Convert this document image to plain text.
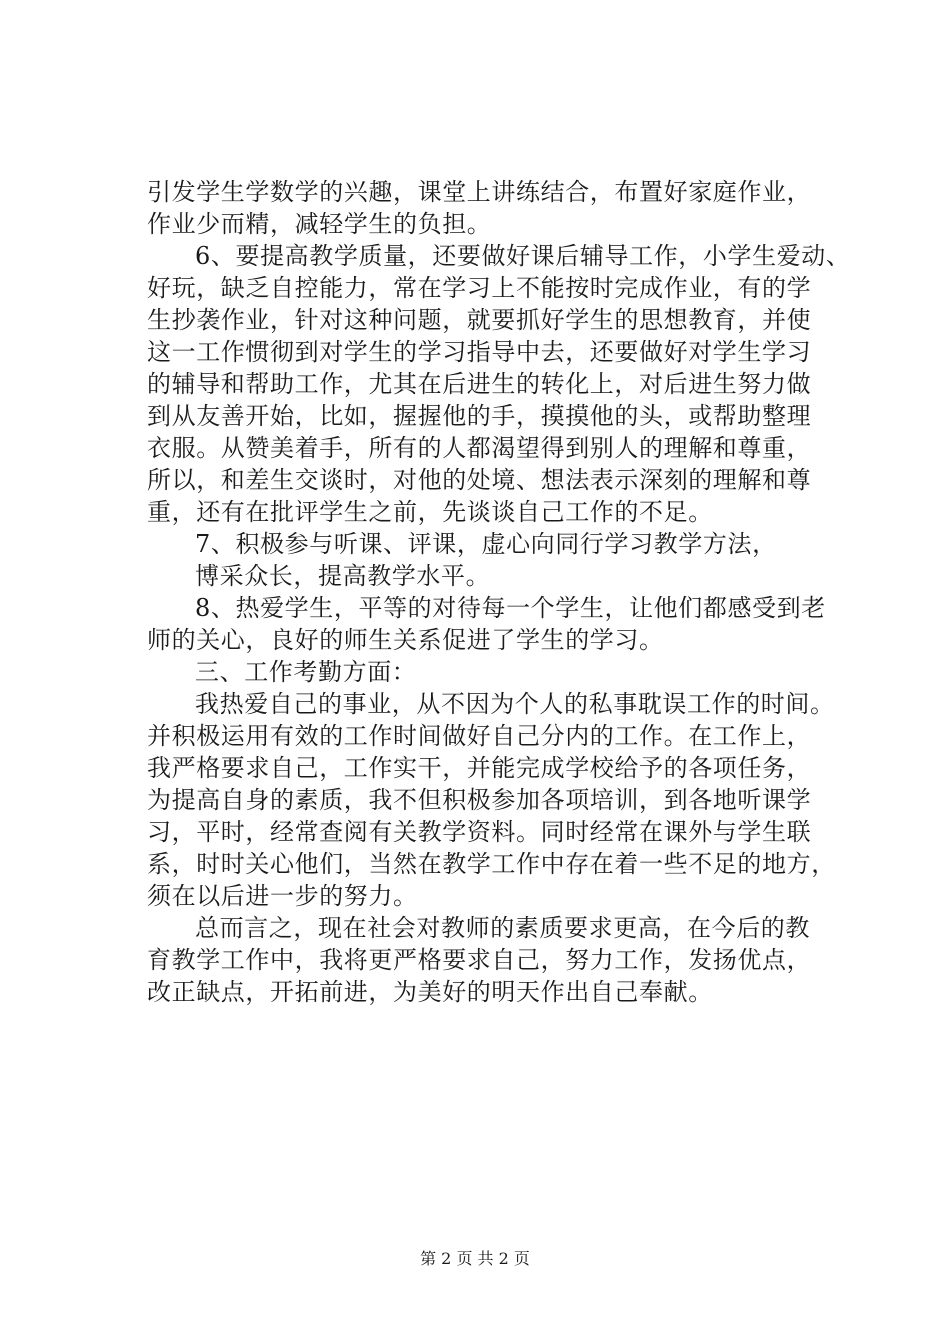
引发学生学数学的兴趣，课堂上讲练结合，布置好家庭作业，
作业少而精，减轻学生的负担。
6、要提高教学质量，还要做好课后辅导工作，小学生爱动、
好玩，缺乏自控能力，常在学习上不能按时完成作业，有的学
生抄袭作业，针对这种问题，就要抓好学生的思想教育，并使
这一工作惯彻到对学生的学习指导中去，还要做好对学生学习
的辅导和帮助工作，尤其在后进生的转化上，对后进生努力做
到从友善开始，比如，握握他的手，摸摸他的头，或帮助整理
衣服。从赞美着手，所有的人都渴望得到别人的理解和尊重，
所以，和差生交谈时，对他的处境、想法表示深刻的理解和尊
重，还有在批评学生之前，先谈谈自己工作的不足。
7、积极参与听课、评课，虚心向同行学习教学方法，
博采众长，提高教学水平。
8、热爱学生，平等的对待每一个学生，让他们都感受到老
师的关心，良好的师生关系促进了学生的学习。
三、工作考勤方面：
我热爱自己的事业，从不因为个人的私事耽误工作的时间。
并积极运用有效的工作时间做好自己分内的工作。在工作上，
我严格要求自己，工作实干，并能完成学校给予的各项任务，
为提高自身的素质，我不但积极参加各项培训，到各地听课学
习，平时，经常查阅有关教学资料。同时经常在课外与学生联
系，时时关心他们，当然在教学工作中存在着一些不足的地方，
须在以后进一步的努力。
总而言之，现在社会对教师的素质要求更高，在今后的教
育教学工作中，我将更严格要求自己，努力工作，发扬优点，
改正缺点，开拓前进，为美好的明天作出自己奉献。
第 2 页 共 2 页
